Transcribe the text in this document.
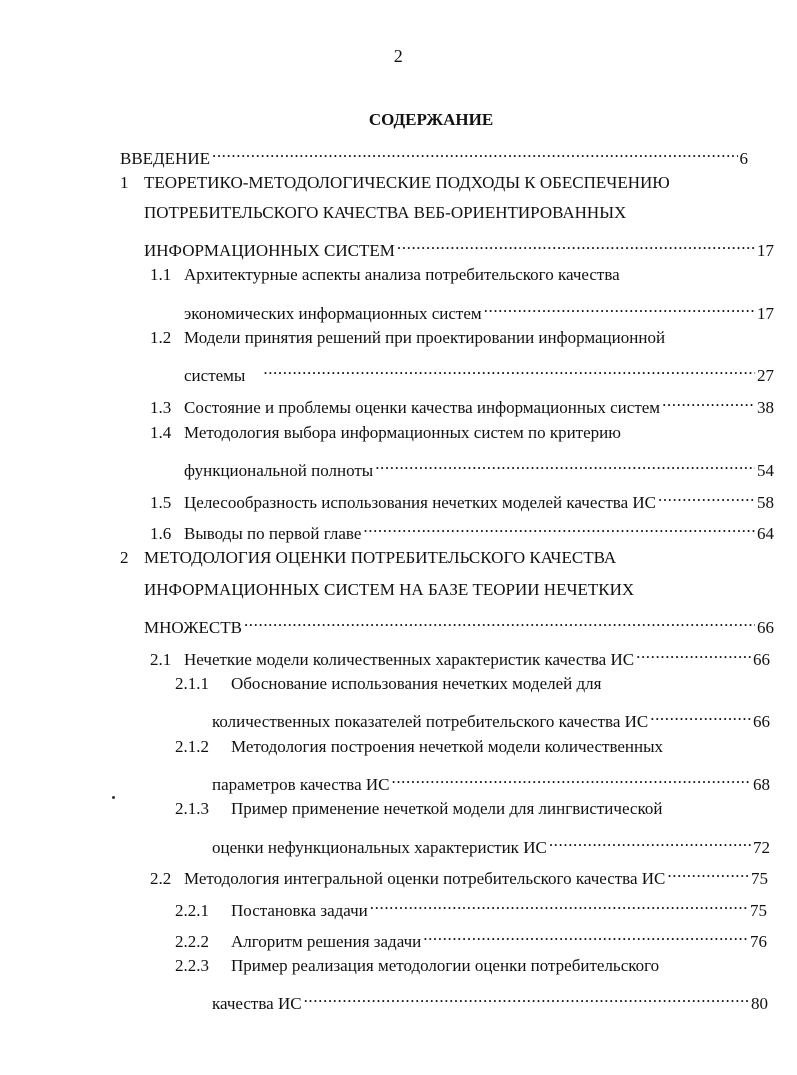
2
СОДЕРЖАНИЕ
ВВЕДЕНИЕ .....	6
1 ТЕОРЕТИКО-МЕТОДОЛОГИЧЕСКИЕ ПОДХОДЫ К ОБЕСПЕЧЕНИЮ
ПОТРЕБИТЕЛЬСКОГО КАЧЕСТВА ВЕБ-ОРИЕНТИРОВАННЫХ
ИНФОРМАЦИОННЫХ СИСТЕМ .....	17
1.1 Архитектурные аспекты анализа потребительского качества
экономических информационных систем .....	17
1.2 Модели принятия решений при проектировании информационной
системы .....	27
1.3 Состояние и проблемы оценки качества информационных систем .....	38
1.4 Методология выбора информационных систем по критерию
функциональной полноты .....	54
1.5 Целесообразность использования нечетких моделей качества ИС .....	58
1.6 Выводы по первой главе .....	64
2 МЕТОДОЛОГИЯ ОЦЕНКИ ПОТРЕБИТЕЛЬСКОГО КАЧЕСТВА
ИНФОРМАЦИОННЫХ СИСТЕМ НА БАЗЕ ТЕОРИИ НЕЧЕТКИХ
МНОЖЕСТВ .....	66
2.1 Нечеткие модели количественных характеристик качества ИС .....	66
2.1.1	Обоснование использования нечетких моделей для
количественных показателей потребительского качества ИС .....	66
2.1.2	Методология построения нечеткой модели количественных
параметров качества ИС .....	68
2.1.3	Пример применение нечеткой модели для лингвистической
оценки нефункциональных характеристик ИС .....	72
2.2 Методология интегральной оценки потребительского качества ИС .....	75
2.2.1	Постановка задачи .....	75
2.2.2	Алгоритм решения задачи .....	76
2.2.3	Пример реализация методологии оценки потребительского
качества ИС .....	80
